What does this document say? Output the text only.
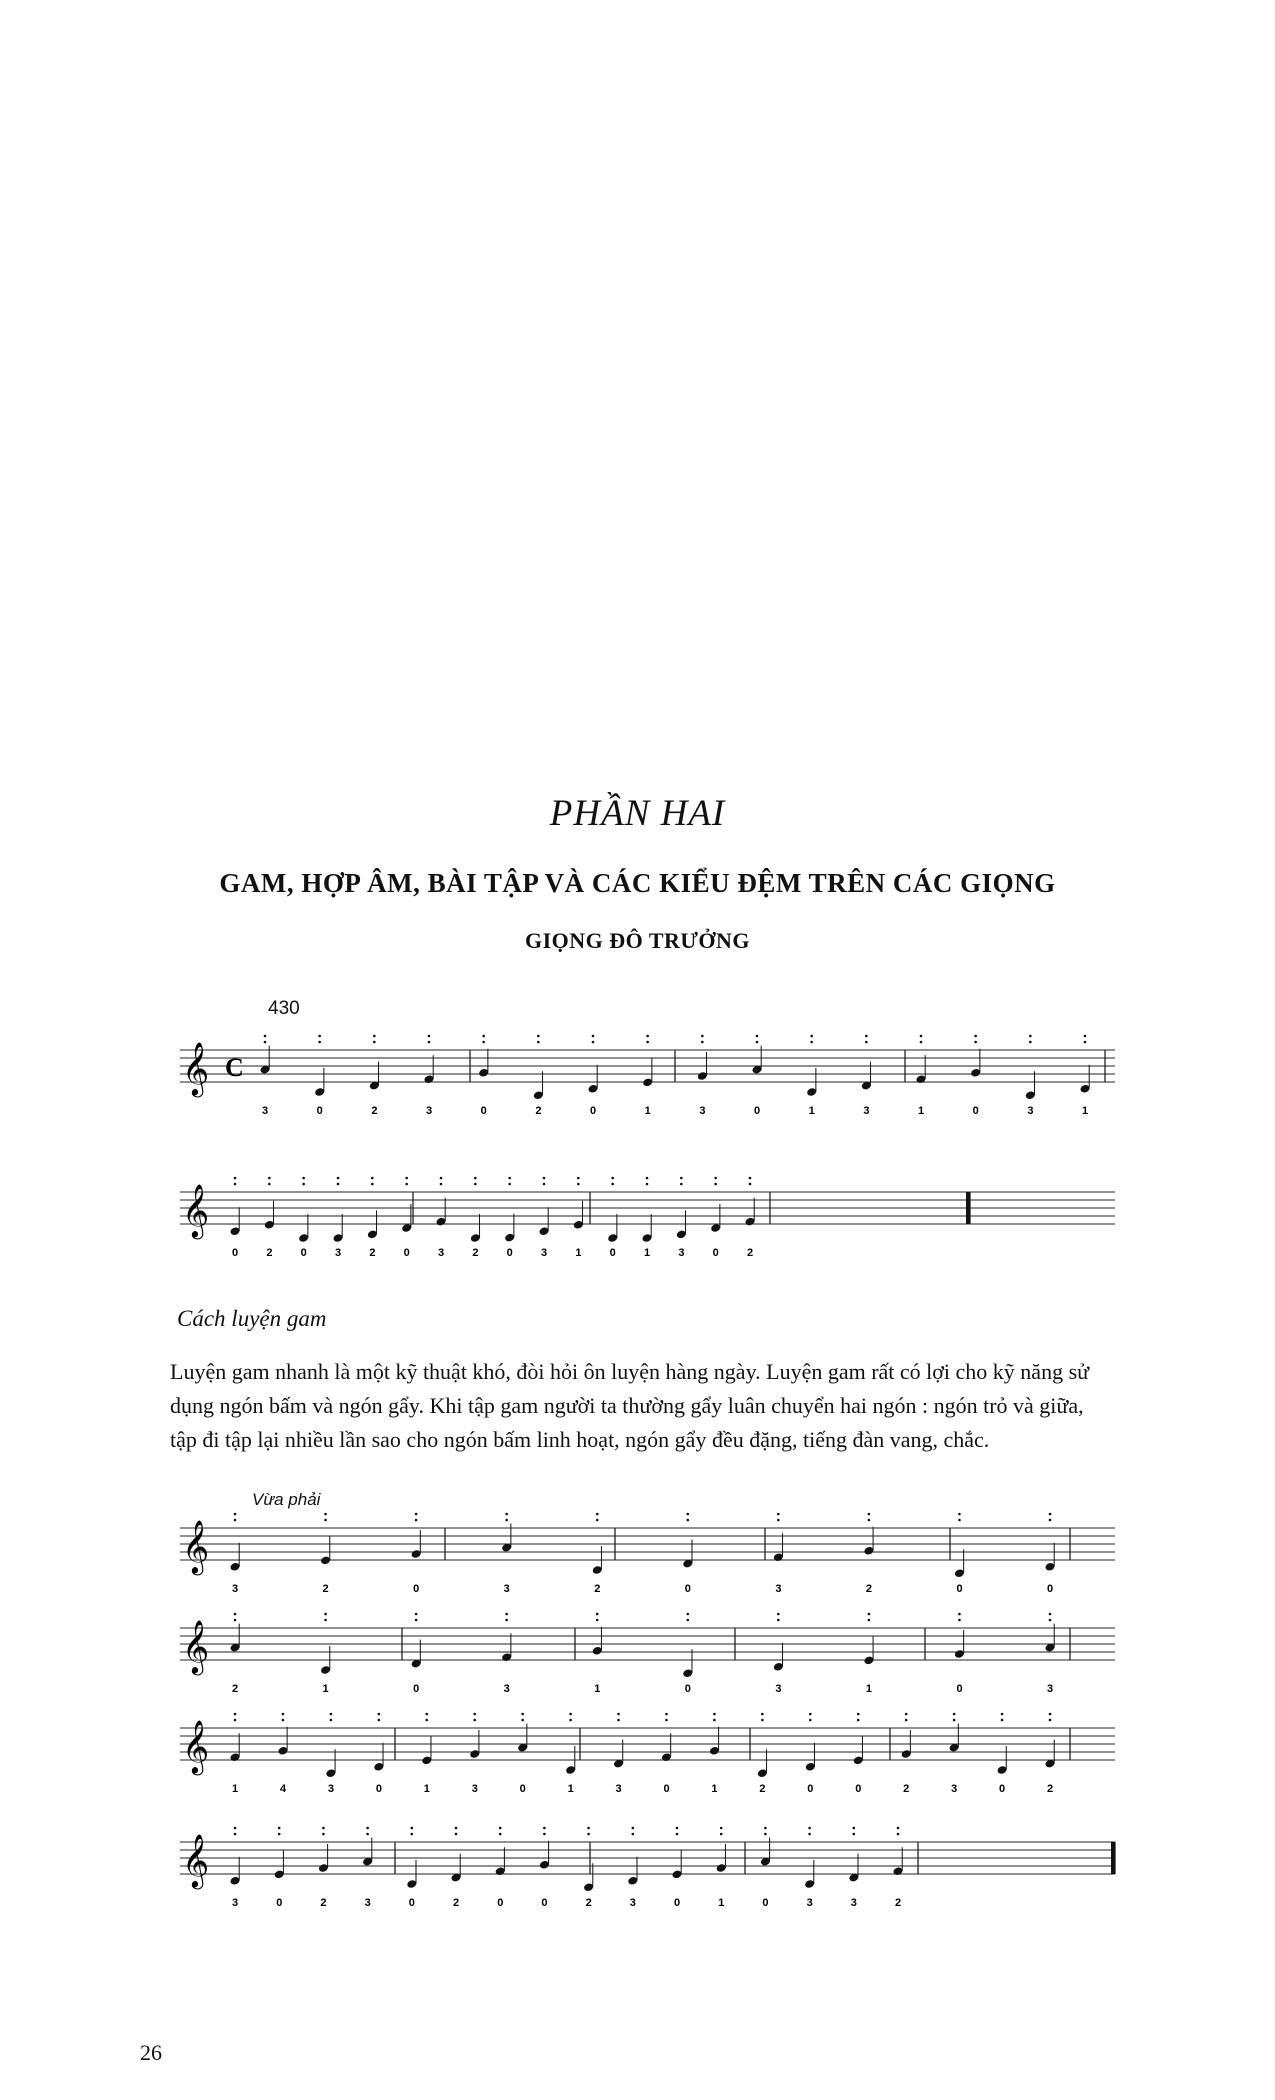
PHẦN HAI
GAM, HỢP ÂM, BÀI TẬP VÀ CÁC KIỂU ĐỆM TRÊN CÁC GIỌNG
GIỌNG ĐÔ TRƯỞNG
430
𝄞 C
3	0	2	3	0	2	0	1	3	0	1	3	1	0	3	1
𝄞
0	2	0	3	2	0	3	2	0	3	1	0	1	3	0	2
Cách luyện gam
Luyện gam nhanh là một kỹ thuật khó, đòi hỏi ôn luyện hàng ngày. Luyện gam rất có lợi cho kỹ năng sử dụng ngón bấm và ngón gẩy. Khi tập gam người ta thường gẩy luân chuyển hai ngón : ngón trỏ và giữa, tập đi tập lại nhiều lần sao cho ngón bấm linh hoạt, ngón gẩy đều đặng, tiếng đàn vang, chắc.
Vừa phải
𝄞
3	2	0	3	2	0	3	2	0	0
𝄞
2	1	0	3	1	0	3	1	0	3
𝄞
1	4	3	0	1	3	0	1	3	0	1	2	0	0	2	3	0	2
𝄞
3	0	2	3	0	2	0	0	2	3	0	1	0	3	3	2
26
